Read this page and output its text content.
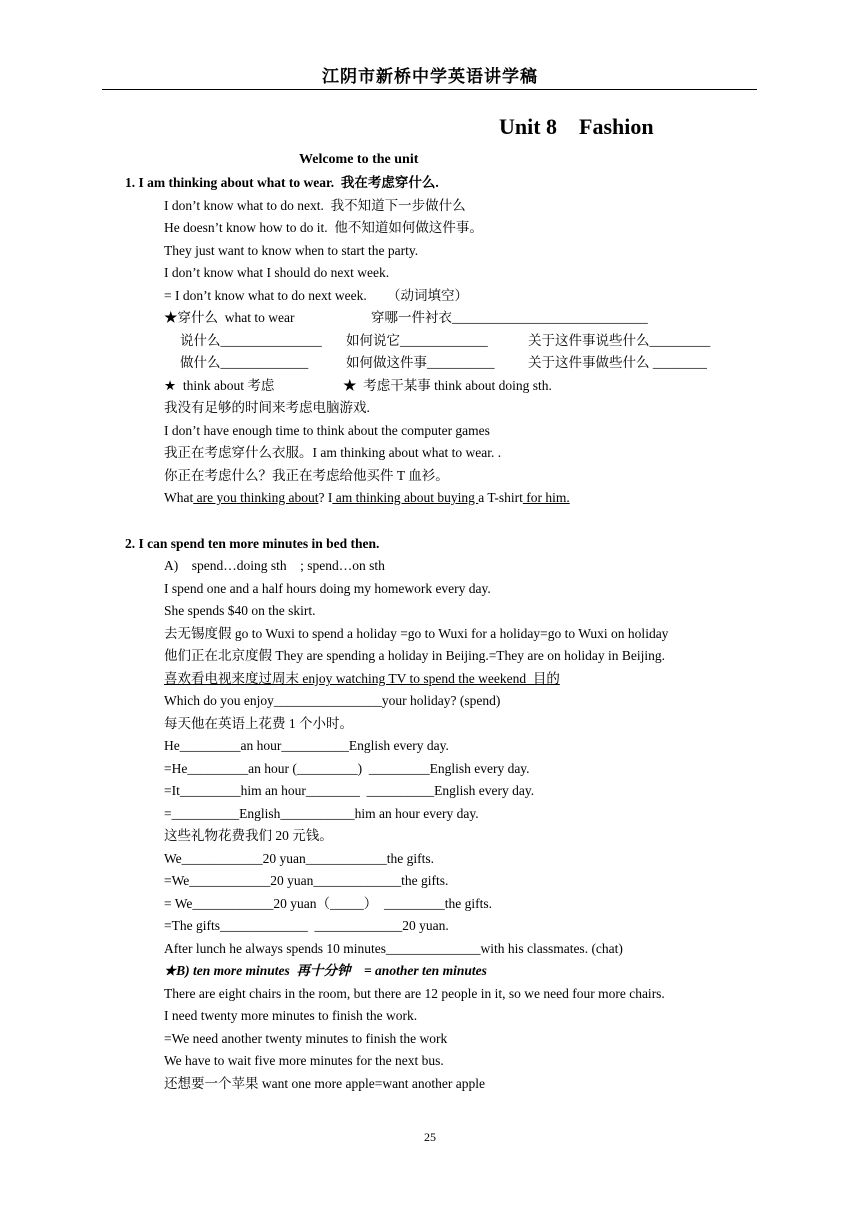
江阴市新桥中学英语讲学稿
Unit 8    Fashion
Welcome to the unit
1. I am thinking about what to wear.  我在考虑穿什么.
I don’t know what to do next.  我不知道下一步做什么
He doesn’t know how to do it.  他不知道如何做这件事。
They just want to know when to start the party.
I don’t know what I should do next week.
= I don’t know what to do next week.      （动词填空）
★穿什么  what to wear	穿哪一件衬衣_____________________________
说什么_______________ 如何说它_____________	关于这件事说些什么_________
做什么_____________	如何做这件事__________ 关于这件事做些什么 ________
★  think about 考虑	★  考虑干某事 think about doing sth.
我没有足够的时间来考虑电脑游戏.
I don’t have enough time to think about the computer games
我正在考虑穿什么衣服。I am thinking about what to wear. .
你正在考虑什么？我正在考虑给他买件 T 血衫。
What are you thinking about? I am thinking about buying a T-shirt for him.
2. I can spend ten more minutes in bed then.
A)    spend…doing sth    ; spend…on sth
I spend one and a half hours doing my homework every day.
She spends $40 on the skirt.
去无锡度假 go to Wuxi to spend a holiday =go to Wuxi for a holiday=go to Wuxi on holiday
他们正在北京度假 They are spending a holiday in Beijing.=They are on holiday in Beijing.
喜欢看电视来度过周末 enjoy watching TV to spend the weekend  目的
Which do you enjoy________________your holiday? (spend)
每天他在英语上花费 1 个小时。
He_________an hour__________English every day.
=He_________an hour (_________)  _________English every day.
=It_________him an hour________  __________English every day.
=__________English___________him an hour every day.
这些礼物花费我们 20 元钱。
We____________20 yuan____________the gifts.
=We____________20 yuan_____________the gifts.
= We____________20 yuan（_____）  _________the gifts.
=The gifts_____________  _____________20 yuan.
After lunch he always spends 10 minutes______________with his classmates. (chat)
★B) ten more minutes  再十分钟    = another ten minutes
There are eight chairs in the room, but there are 12 people in it, so we need four more chairs.
I need twenty more minutes to finish the work.
=We need another twenty minutes to finish the work
We have to wait five more minutes for the next bus.
还想要一个苹果 want one more apple=want another apple
25
